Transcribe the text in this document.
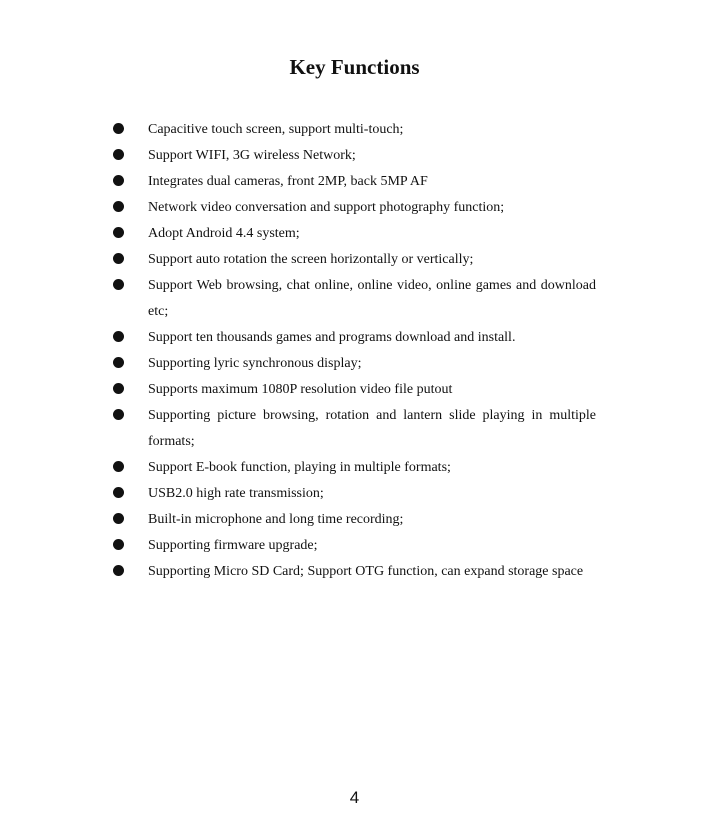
Key Functions
Capacitive touch screen, support multi-touch;
Support WIFI, 3G wireless Network;
Integrates dual cameras, front 2MP, back 5MP AF
Network video conversation and support photography function;
Adopt Android 4.4 system;
Support auto rotation the screen horizontally or vertically;
Support Web browsing, chat online, online video, online games and download etc;
Support ten thousands games and programs download and install.
Supporting lyric synchronous display;
Supports maximum 1080P resolution video file putout
Supporting picture browsing, rotation and lantern slide playing in multiple formats;
Support E-book function, playing in multiple formats;
USB2.0 high rate transmission;
Built-in microphone and long time recording;
Supporting firmware upgrade;
Supporting Micro SD Card; Support OTG function, can expand storage space
4
